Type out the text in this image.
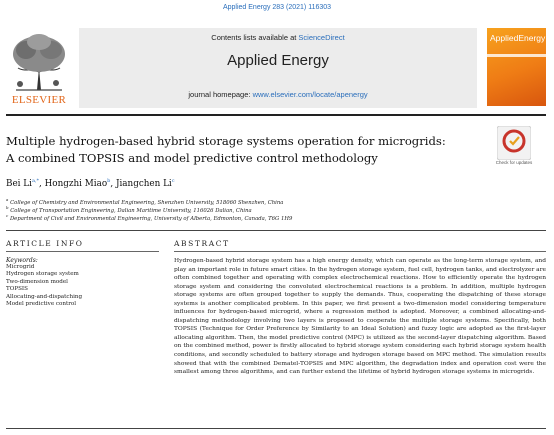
Applied Energy 283 (2021) 116303
ELSEVIER
Contents lists available at ScienceDirect
Applied Energy
journal homepage: www.elsevier.com/locate/apenergy
AppliedEnergy
Multiple hydrogen-based hybrid storage systems operation for microgrids:
A combined TOPSIS and model predictive control methodology	Check for updates
Bei $Li^{a,*}$, Hongzhi Miao$^b$, Jiangchen Li$^c$
$^a$ College of Chemistry and Environmental Engineering, Shenzhen University, 518060 Shenzhen, China
$^b$ College of Transportation Engineering, Dalian Maritime University, 116026 Dalian, China
$^c$ Department of Civil and Environmental Engineering, University of Alberta, Edmonton, Canada, T6G 1H9
ARTICLE INFO
Keywords:
Microgrid
Hydrogen storage system
Two-dimension model
TOPSIS
Allocating-and-dispatching
Model predictive control
ABSTRACT
Hydrogen-based hybrid storage system has a high energy density, which can operate as the long-term storage system, and play an important role in future smart cities. In the hydrogen storage system, fuel cell, hydrogen tanks, and electrolyzer are often combined together and operating with complex electrochemical reactions. How to efficiently operate the hydrogen storage system and considering the convoluted electrochemical reactions is a problem. In addition, multiple hydrogen storage systems are often grouped together to supply the demands. Thus, cooperating the dispatching of these storage systems is another complicated problem. In this paper, we first present a two-dimension model considering temperature influences for hydrogen-based microgrid, where a regression method is adopted. Moreover, a combined allocating-and-dispatching methodology involving two layers is proposed to cooperate the multiple storage systems. Specifically, both TOPSIS (Technique for Order Preference by Similarity to an Ideal Solution) and fuzzy logic are adopted as the first-layer allocating algorithm. Then, the model predictive control (MPC) is utilized as the second-layer dispatching algorithm. Based on the combined method, power is firstly allocated to hybrid storage system considering each hybrid storage system health conditions, and secondly scheduled to battery storage and hydrogen storage based on MPC method. The simulation results showed that with the combined Dematel-TOPSIS and MPC algorithm, the degradation index and operation cost were the smallest among three algorithms, and can further extend the lifetime of hybrid hydrogen storage systems in microgrids.
